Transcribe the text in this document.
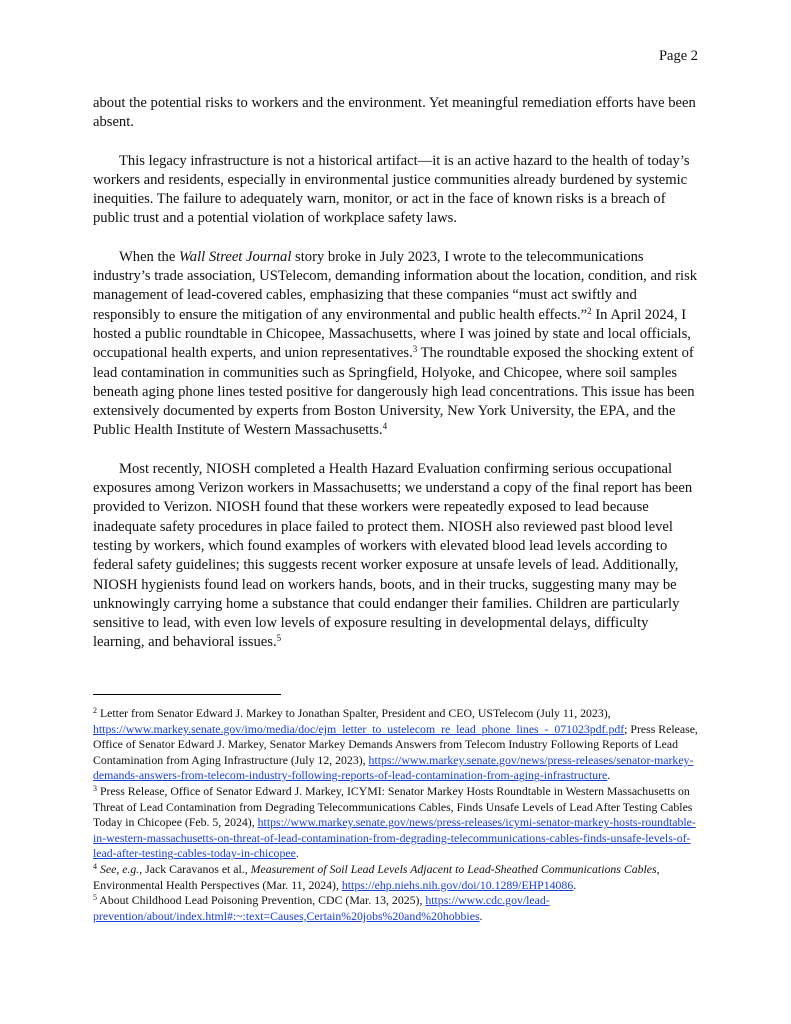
Page 2

about the potential risks to workers and the environment. Yet meaningful remediation efforts have been absent.

This legacy infrastructure is not a historical artifact—it is an active hazard to the health of today’s workers and residents, especially in environmental justice communities already burdened by systemic inequities. The failure to adequately warn, monitor, or act in the face of known risks is a breach of public trust and a potential violation of workplace safety laws.

When the Wall Street Journal story broke in July 2023, I wrote to the telecommunications industry’s trade association, USTelecom, demanding information about the location, condition, and risk management of lead-covered cables, emphasizing that these companies “must act swiftly and responsibly to ensure the mitigation of any environmental and public health effects.”$^2$ In April 2024, I hosted a public roundtable in Chicopee, Massachusetts, where I was joined by state and local officials, occupational health experts, and union representatives.$^3$ The roundtable exposed the shocking extent of lead contamination in communities such as Springfield, Holyoke, and Chicopee, where soil samples beneath aging phone lines tested positive for dangerously high lead concentrations. This issue has been extensively documented by experts from Boston University, New York University, the EPA, and the Public Health Institute of Western Massachusetts.$^4$

Most recently, NIOSH completed a Health Hazard Evaluation confirming serious occupational exposures among Verizon workers in Massachusetts; we understand a copy of the final report has been provided to Verizon. NIOSH found that these workers were repeatedly exposed to lead because inadequate safety procedures in place failed to protect them. NIOSH also reviewed past blood level testing by workers, which found examples of workers with elevated blood lead levels according to federal safety guidelines; this suggests recent worker exposure at unsafe levels of lead. Additionally, NIOSH hygienists found lead on workers hands, boots, and in their trucks, suggesting many may be unknowingly carrying home a substance that could endanger their families. Children are particularly sensitive to lead, with even low levels of exposure resulting in developmental delays, difficulty learning, and behavioral issues.$^5$

$^2$ Letter from Senator Edward J. Markey to Jonathan Spalter, President and CEO, USTelecom (July 11, 2023), https://www.markey.senate.gov/imo/media/doc/ejm_letter_to_ustelecom_re_lead_phone_lines_-_071023pdf.pdf; Press Release, Office of Senator Edward J. Markey, Senator Markey Demands Answers from Telecom Industry Following Reports of Lead Contamination from Aging Infrastructure (July 12, 2023), https://www.markey.senate.gov/news/press-releases/senator-markey-demands-answers-from-telecom-industry-following-reports-of-lead-contamination-from-aging-infrastructure.

$^3$ Press Release, Office of Senator Edward J. Markey, ICYMI: Senator Markey Hosts Roundtable in Western Massachusetts on Threat of Lead Contamination from Degrading Telecommunications Cables, Finds Unsafe Levels of Lead After Testing Cables Today in Chicopee (Feb. 5, 2024), https://www.markey.senate.gov/news/press-releases/icymi-senator-markey-hosts-roundtable-in-western-massachusetts-on-threat-of-lead-contamination-from-degrading-telecommunications-cables-finds-unsafe-levels-of-lead-after-testing-cables-today-in-chicopee.

$^4$ See, e.g., Jack Caravanos et al., Measurement of Soil Lead Levels Adjacent to Lead-Sheathed Communications Cables, Environmental Health Perspectives (Mar. 11, 2024), https://ehp.niehs.nih.gov/doi/10.1289/EHP14086.

$^5$ About Childhood Lead Poisoning Prevention, CDC (Mar. 13, 2025), https://www.cdc.gov/lead-prevention/about/index.html#:~:text=Causes,Certain%20jobs%20and%20hobbies.
